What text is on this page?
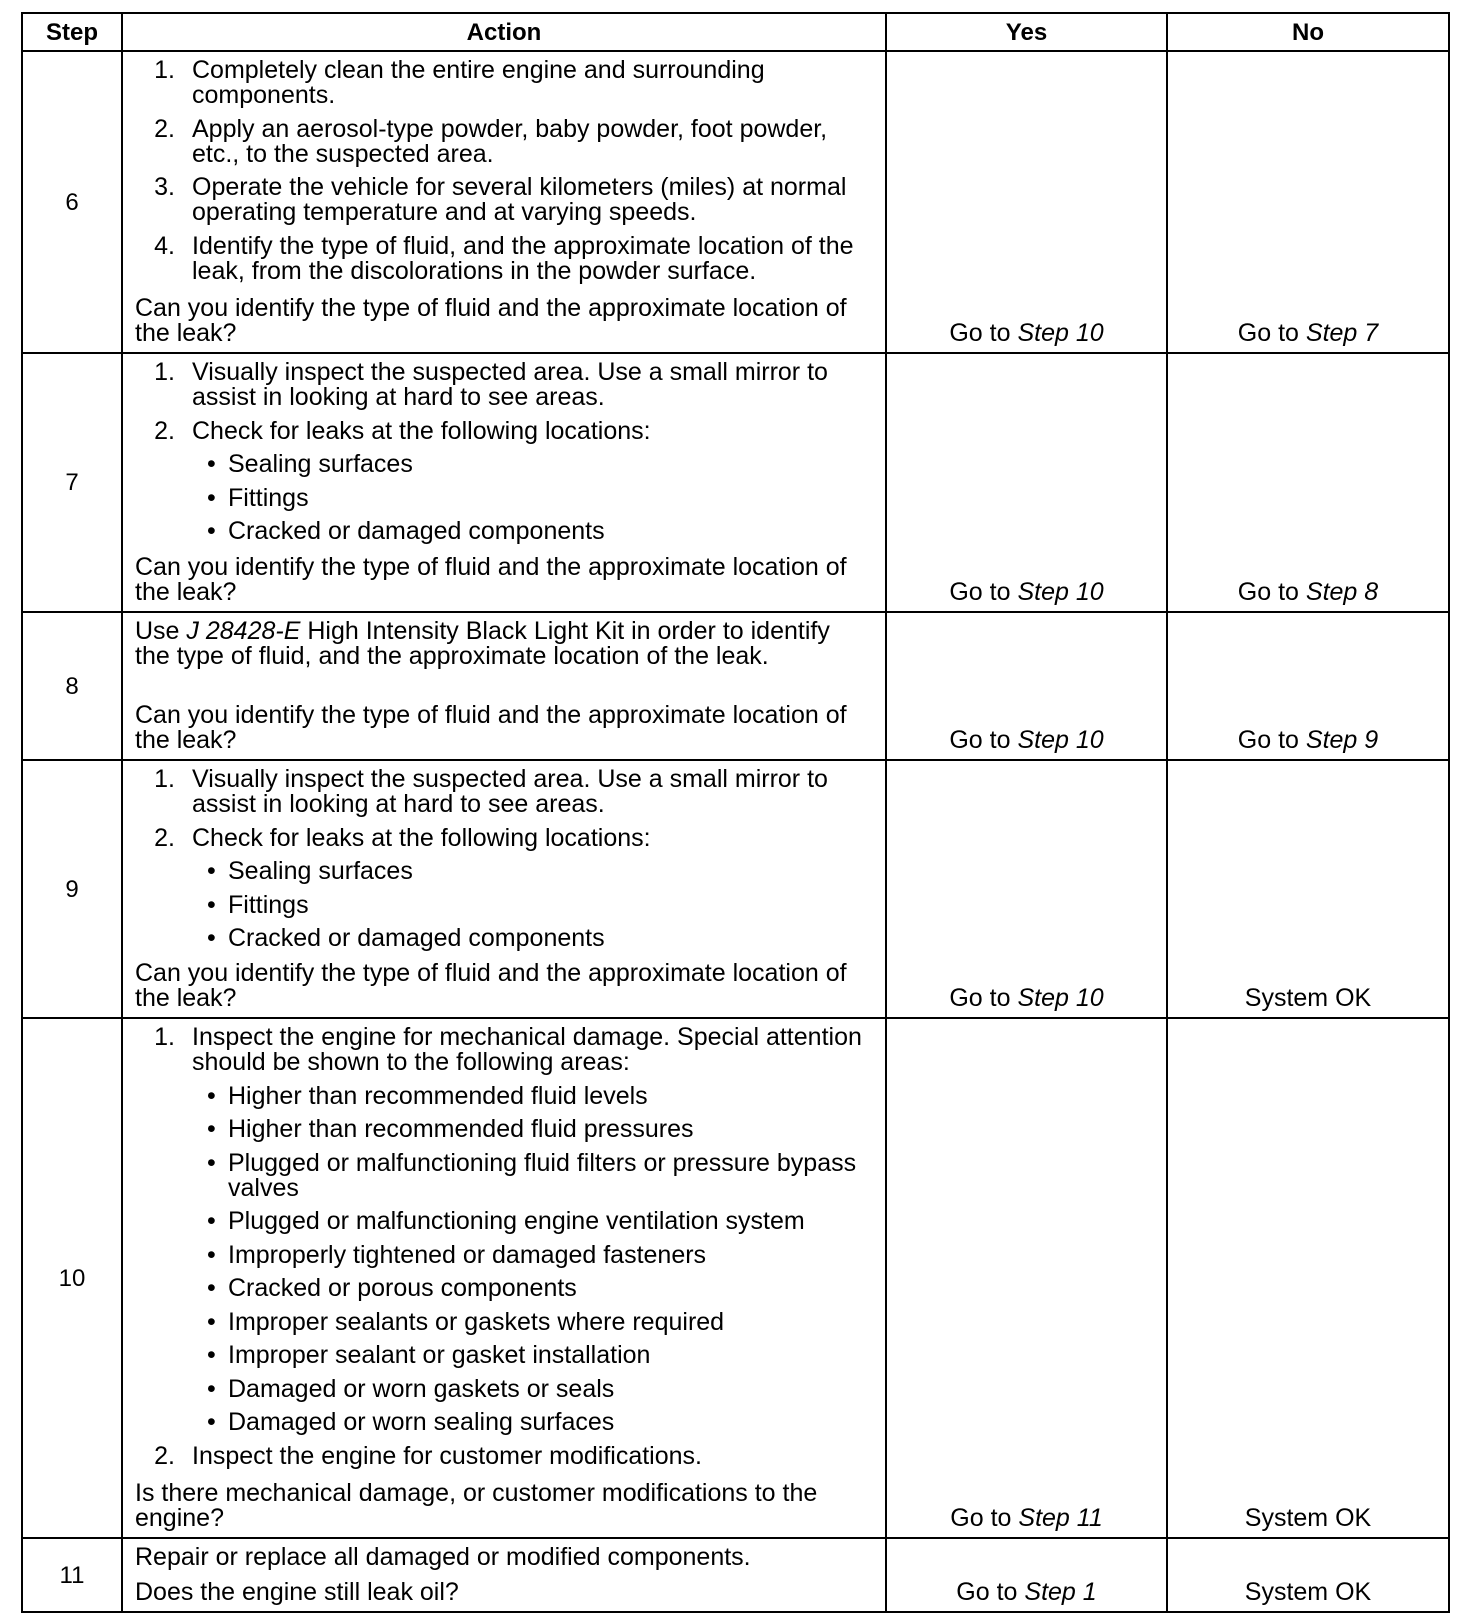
Step	Action	Yes	No
6
1. Completely clean the entire engine and surrounding
components.
2. Apply an aerosol-type powder, baby powder, foot powder,
etc., to the suspected area.
3. Operate the vehicle for several kilometers (miles) at normal
operating temperature and at varying speeds.
4. Identify the type of fluid, and the approximate location of the
leak, from the discolorations in the powder surface.
Can you identify the type of fluid and the approximate location of
the leak?	Go to Step 10	Go to Step 7
7
1. Visually inspect the suspected area. Use a small mirror to
assist in looking at hard to see areas.
2. Check for leaks at the following locations:
•
Sealing surfaces
•
Fittings
•
Cracked or damaged components
Can you identify the type of fluid and the approximate location of
the leak?	Go to Step 10	Go to Step 8
8
Use J 28428-E High Intensity Black Light Kit in order to identify
the type of fluid, and the approximate location of the leak.
Can you identify the type of fluid and the approximate location of
the leak?	Go to Step 10	Go to Step 9
9
1. Visually inspect the suspected area. Use a small mirror to
assist in looking at hard to see areas.
2. Check for leaks at the following locations:
•
Sealing surfaces
•
Fittings
•
Cracked or damaged components
Can you identify the type of fluid and the approximate location of
the leak?	Go to Step 10	System OK
10
1. Inspect the engine for mechanical damage. Special attention
should be shown to the following areas:
•
Higher than recommended fluid levels
•
Higher than recommended fluid pressures
•
Plugged or malfunctioning fluid filters or pressure bypass
valves
•
Plugged or malfunctioning engine ventilation system
•
Improperly tightened or damaged fasteners
•
Cracked or porous components
•
Improper sealants or gaskets where required
•
Improper sealant or gasket installation
•
Damaged or worn gaskets or seals
•
Damaged or worn sealing surfaces
2. Inspect the engine for customer modifications.
Is there mechanical damage, or customer modifications to the
engine?	Go to Step 11	System OK
11
Repair or replace all damaged or modified components.
Does the engine still leak oil?	Go to Step 1	System OK
